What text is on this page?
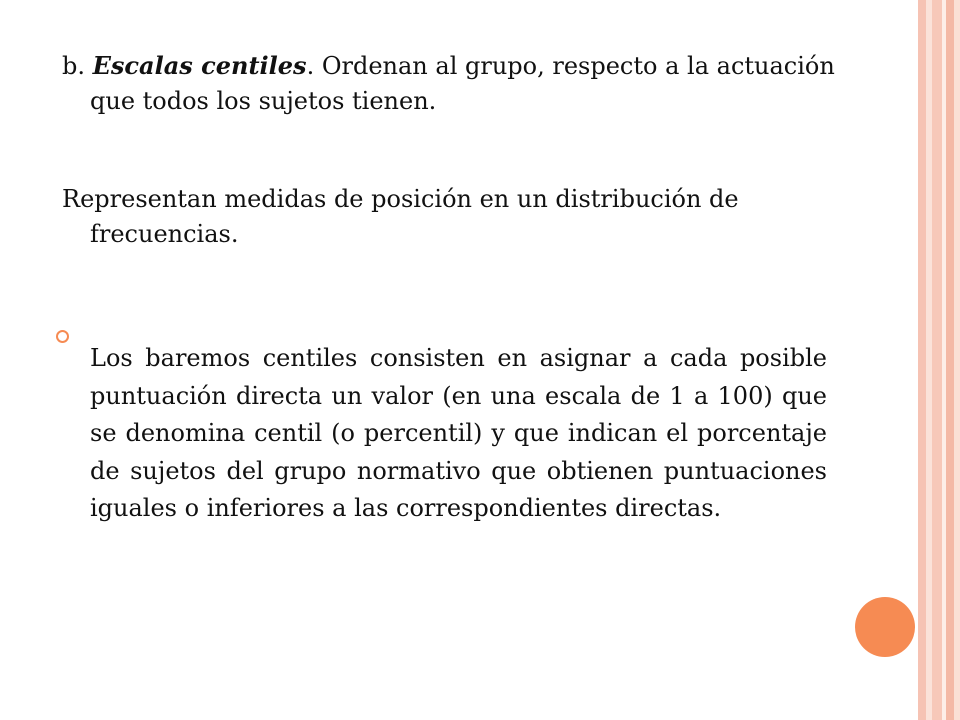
b. Escalas centiles. Ordenan al grupo, respecto a la actuación que todos los sujetos tienen.

Representan medidas de posición en un distribución de frecuencias.

Los baremos centiles consisten en asignar a cada posible puntuación directa un valor (en una escala de 1 a 100) que se denomina centil (o percentil) y que indican el porcentaje de sujetos del grupo normativo que obtienen puntuaciones iguales o inferiores a las correspondientes directas.
